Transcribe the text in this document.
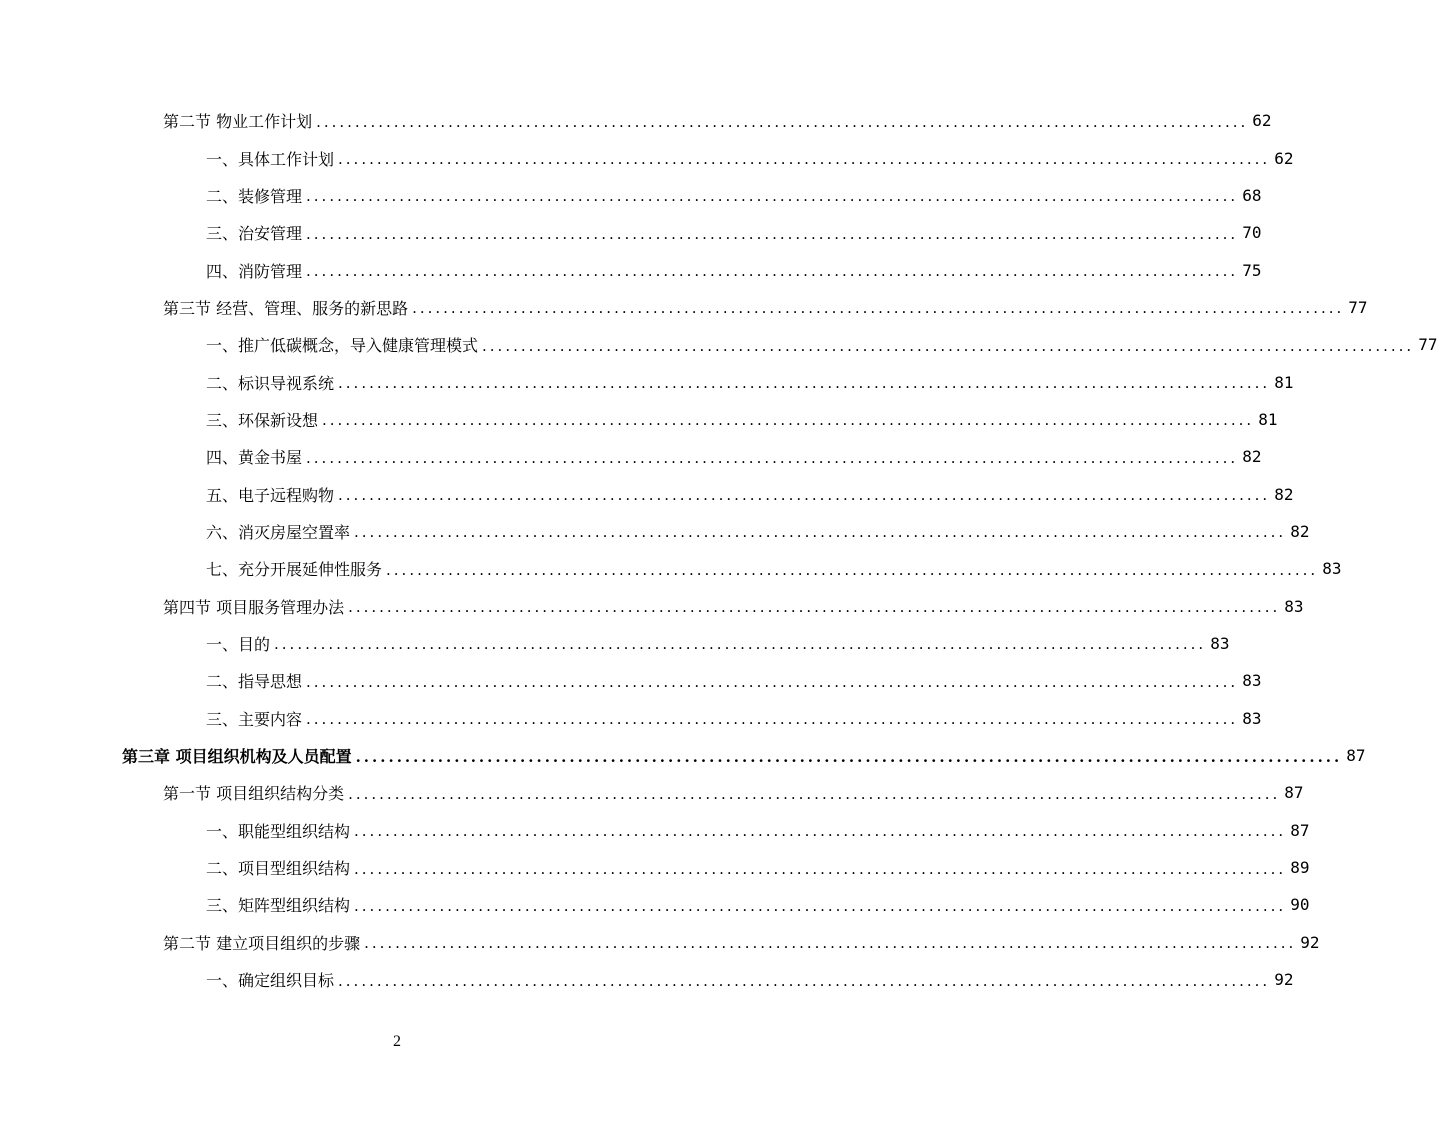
第二节 物业工作计划 ........................................................................................................................ 62
一、具体工作计划 ........................................................................................................................ 62
二、装修管理 ........................................................................................................................ 68
三、治安管理 ........................................................................................................................ 70
四、消防管理 ........................................................................................................................ 75
第三节 经营、管理、服务的新思路 ........................................................................................................................ 77
一、推广低碳概念，导入健康管理模式 ........................................................................................................................ 77
二、标识导视系统 ........................................................................................................................ 81
三、环保新设想 ........................................................................................................................ 81
四、黄金书屋 ........................................................................................................................ 82
五、电子远程购物 ........................................................................................................................ 82
六、消灭房屋空置率 ........................................................................................................................ 82
七、充分开展延伸性服务 ........................................................................................................................ 83
第四节 项目服务管理办法 ........................................................................................................................ 83
一、目的 ........................................................................................................................ 83
二、指导思想 ........................................................................................................................ 83
三、主要内容 ........................................................................................................................ 83
第三章 项目组织机构及人员配置 ........................................................................................................................ 87
第一节 项目组织结构分类 ........................................................................................................................ 87
一、职能型组织结构 ........................................................................................................................ 87
二、项目型组织结构 ........................................................................................................................ 89
三、矩阵型组织结构 ........................................................................................................................ 90
第二节 建立项目组织的步骤 ........................................................................................................................ 92
一、确定组织目标 ........................................................................................................................ 92
2
